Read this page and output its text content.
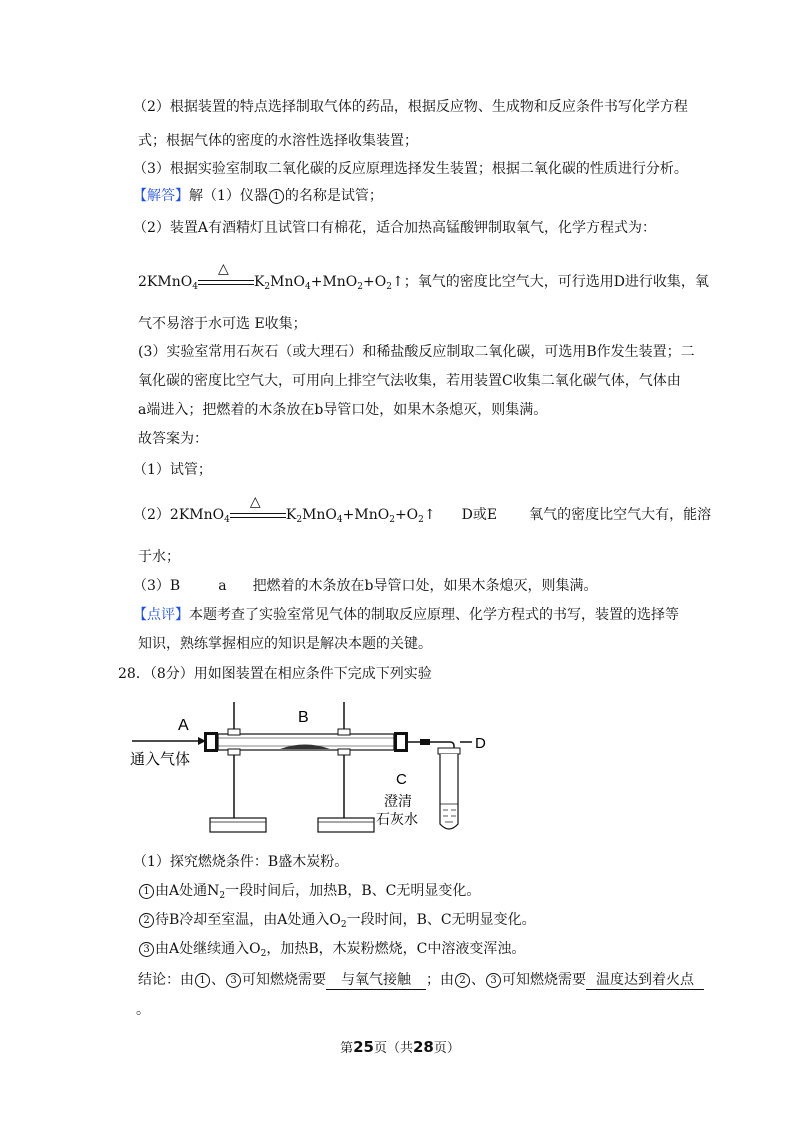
（2）根据装置的特点选择制取气体的药品，根据反应物、生成物和反应条件书写化学方程
式；根据气体的密度的水溶性选择收集装置；
（3）根据实验室制取二氧化碳的反应原理选择发生装置；根据二氧化碳的性质进行分析。
【解答】解（1）仪器 1 的名称是试管；
（2）装置A有酒精灯且试管口有棉花，适合加热高锰酸钾制取氧气，化学方程式为：
2KMnO$_4$
△
$K_2MnO_4+MnO_2+O_2↑$；氧气的密度比空气大，可行选用D进行收集，氧
气不易溶于水可选 E收集；
(3）实验室常用石灰石（或大理石）和稀盐酸反应制取二氧化碳，可选用B作发生装置；二
氧化碳的密度比空气大，可用向上排空气法收集，若用装置C收集二氧化碳气体，气体由
a端进入；把燃着的木条放在b导管口处，如果木条熄灭，则集满。
故答案为：
（1）试管；
（2）2KMnO$_4$
△
$K_2MnO_4+MnO_2+O_2↑$ D或E 氧气的密度比空气大有，能溶
于水；
（3）B	a 把燃着的木条放在b导管口处，如果木条熄灭，则集满。
【点评】本题考查了实验室常见气体的制取反应原理、化学方程式的书写，装置的选择等
知识，熟练掌握相应的知识是解决本题的关键。
28．（8分）用如图装置在相应条件下完成下列实验
A
通入气体
B
D
C
澄清
石灰水
（1）探究燃烧条件：B盛木炭粉。
1 由A处通$N_2$一段时间后，加热B，B、C无明显变化。
2 待B冷却至室温，由A处通入$O_2$一段时间，B、C无明显变化。
3 由A处继续通入$O_2$，加热B，木炭粉燃烧，C中溶液变浑浊。
结论：由 1 、 3 可知燃烧需要 与氧气接触 ；由 2 、 3 可知燃烧需要 温度达到着火点
。
第25页（共28页）
